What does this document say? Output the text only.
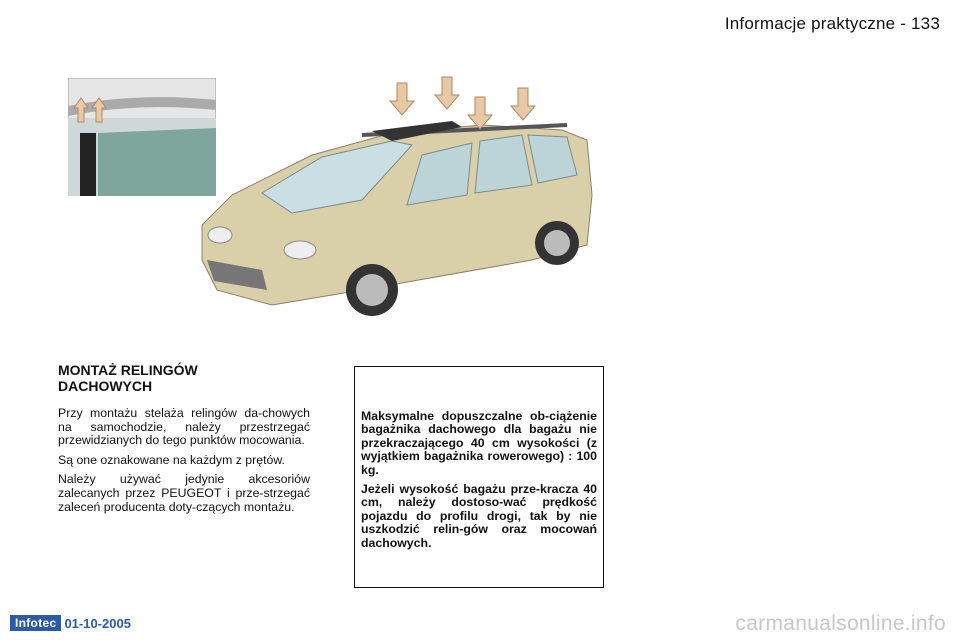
Informacje praktyczne - 133
MONTAŻ RELINGÓW
DACHOWYCH

Przy montażu stelaża relingów da-chowych na samochodzie, należy przestrzegać przewidzianych do tego punktów mocowania.

Są one oznakowane na każdym z prętów.

Należy używać jedynie akcesoriów zalecanych przez PEUGEOT i prze-strzegać zaleceń producenta doty-czących montażu.

Maksymalne dopuszczalne ob-ciążenie bagażnika dachowego dla bagażu nie przekraczającego 40 cm wysokości (z wyjątkiem bagażnika rowerowego) : 100 kg.

Jeżeli wysokość bagażu prze-kracza 40 cm, należy dostoso-wać prędkość pojazdu do profilu drogi, tak by nie uszkodzić relin-gów oraz mocowań dachowych.

Infotec 01-10-2005	carmanualsonline.info
